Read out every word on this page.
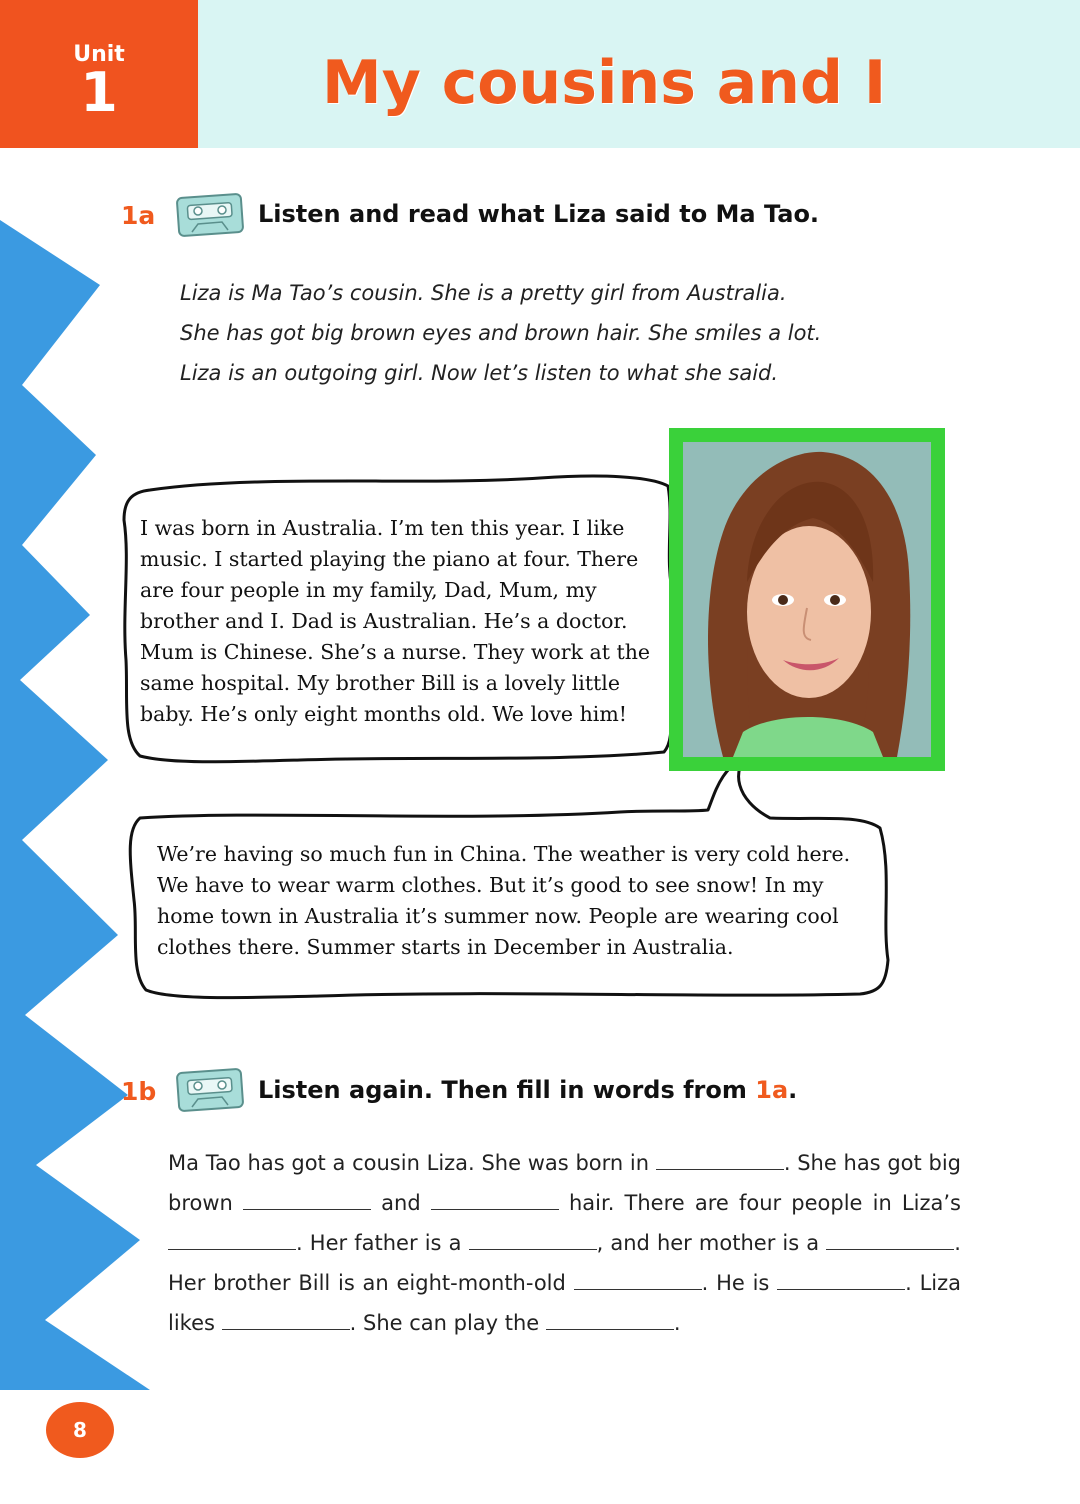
Unit
1	My cousins and I
1a	Listen and read what Liza said to Ma Tao.
Liza is Ma Tao’s cousin. She is a pretty girl from Australia.
She has got big brown eyes and brown hair. She smiles a lot.
Liza is an outgoing girl. Now let’s listen to what she said.
I was born in Australia. I’m ten this year. I like
music. I started playing the piano at four. There
are four people in my family, Dad, Mum, my
brother and I. Dad is Australian. He’s a doctor.
Mum is Chinese. She’s a nurse. They work at the
same hospital. My brother Bill is a lovely little
baby. He’s only eight months old. We love him!
We’re having so much fun in China. The weather is very cold here.
We have to wear warm clothes. But it’s good to see snow! In my
home town in Australia it’s summer now. People are wearing cool
clothes there. Summer starts in December in Australia.
1b	Listen again. Then fill in words from 1a.
Ma Tao has got a cousin Liza. She was born in	. She has got big
brown	and	hair. There are four people in Liza’s
. Her father is a	, and her mother is a	.
Her brother Bill is an eight-month-old	. He is	. Liza
likes	. She can play the	.
8
